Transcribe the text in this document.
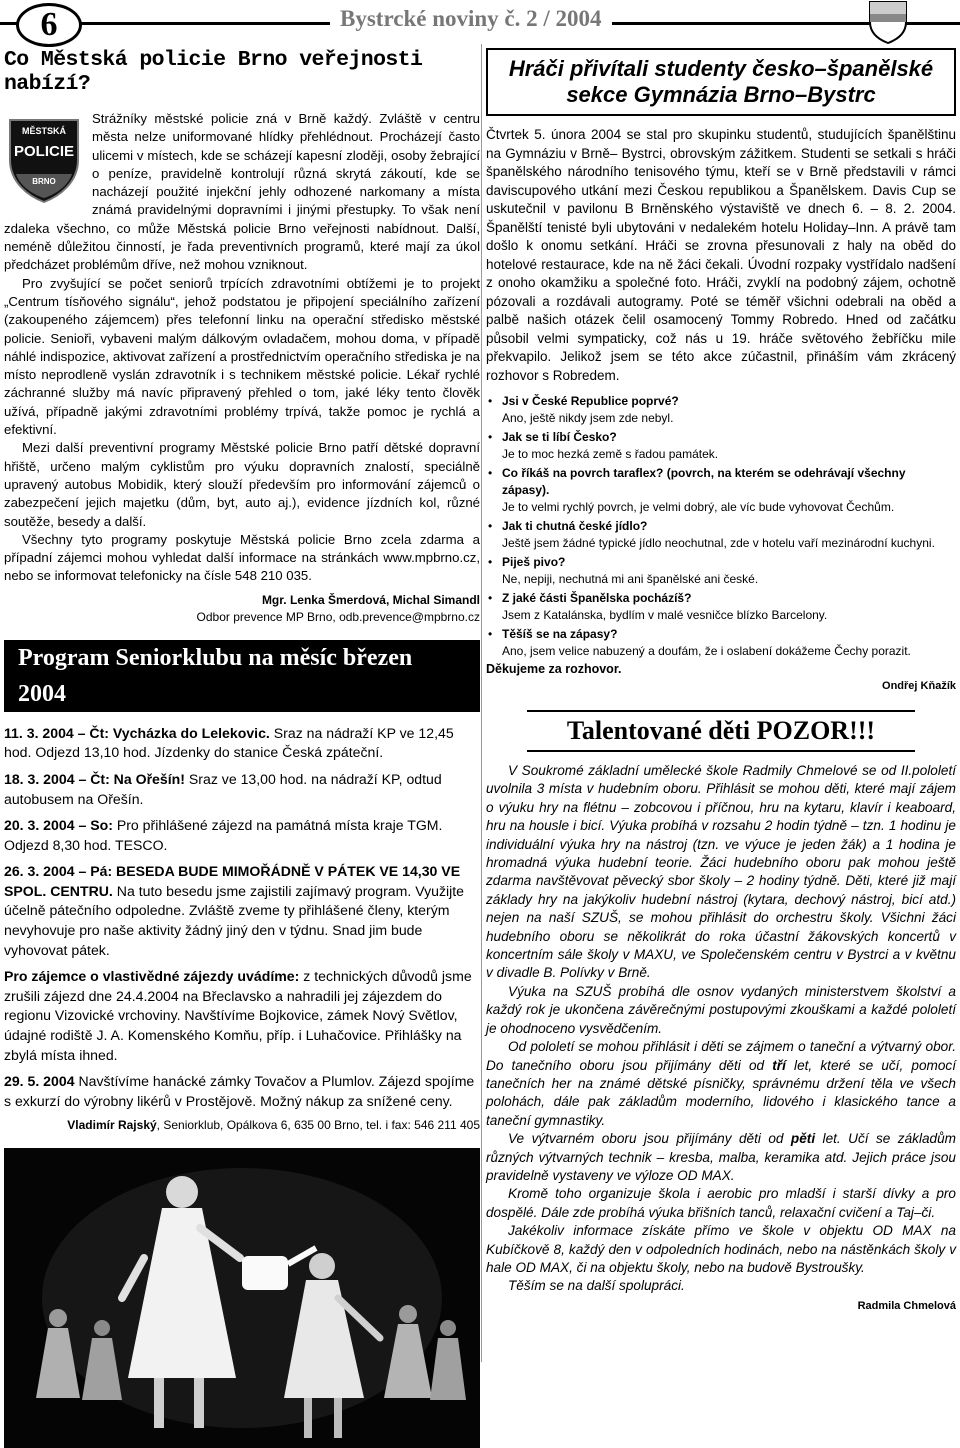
6	Bystrcké noviny č. 2 / 2004
Co Městská policie Brno veřejnosti nabízí?
MĚSTSKÁ
POLICIE
BRNO

Strážníky městské policie zná v Brně každý. Zvláště v centru města nelze uniformované hlídky přehlédnout. Procházejí často ulicemi v místech, kde se scházejí kapesní zloději, osoby žebrající o peníze, pravidelně kontrolují různá skrytá zákoutí, kde se nacházejí použité injekční jehly odhozené narkomany a místa známá pravidelnými dopravními i jinými přestupky. To však není zdaleka všechno, co může Městská policie Brno veřejnosti nabídnout. Další, neméně důležitou činností, je řada preventivních programů, které mají za úkol předcházet problémům dříve, než mohou vzniknout.

Pro zvyšující se počet seniorů trpících zdravotními obtížemi je to projekt „Centrum tísňového signálu“, jehož podstatou je připojení speciálního zařízení (zakoupeného zájemcem) přes telefonní linku na operační středisko městské policie. Senioři, vybaveni malým dálkovým ovladačem, mohou doma, v případě náhlé indispozice, aktivovat zařízení a prostřednictvím operačního střediska je na místo neprodleně vyslán zdravotník i s technikem městské policie. Lékař rychlé záchranné služby má navíc připravený přehled o tom, jaké léky tento člověk užívá, případně jakými zdravotními problémy trpívá, takže pomoc je rychlá a efektivní.

Mezi další preventivní programy Městské policie Brno patří dětské dopravní hřiště, určeno malým cyklistům pro výuku dopravních znalostí, speciálně upravený autobus Mobidik, který slouží především pro informování zájemců o zabezpečení jejich majetku (dům, byt, auto aj.), evidence jízdních kol, různé soutěže, besedy a další.

Všechny tyto programy poskytuje Městská policie Brno zcela zdarma a případní zájemci mohou vyhledat další informace na stránkách www.mpbrno.cz, nebo se informovat telefonicky na čísle 548 210 035.

Mgr. Lenka Šmerdová, Michal Simandl
Odbor prevence MP Brno, odb.prevence@mpbrno.cz
Program Seniorklubu na měsíc březen 2004

11. 3. 2004 – Čt: Vycházka do Lelekovic. Sraz na nádraží KP ve 12,45 hod. Odjezd 13,10 hod. Jízdenky do stanice Česká zpáteční.

18. 3. 2004 – Čt: Na Ořešín! Sraz ve 13,00 hod. na nádraží KP, odtud autobusem na Ořešín.

20. 3. 2004 – So: Pro přihlášené zájezd na památná místa kraje TGM. Odjezd 8,30 hod. TESCO.

26. 3. 2004 – Pá: BESEDA BUDE MIMOŘÁDNĚ V PÁTEK VE 14,30 VE SPOL. CENTRU. Na tuto besedu jsme zajistili zajímavý program. Využijte účelně pátečního odpoledne. Zvláště zveme ty přihlášené členy, kterým nevyhovuje pro naše aktivity žádný jiný den v týdnu. Snad jim bude vyhovovat pátek.

Pro zájemce o vlastivědné zájezdy uvádíme: z technických důvodů jsme zrušili zájezd dne 24.4.2004 na Břeclavsko a nahradili jej zájezdem do regionu Vizovické vrchoviny. Navštívíme Bojkovice, zámek Nový Světlov, údajné rodiště J. A. Komenského Komňu, příp. i Luhačovice. Přihlášky na zbylá místa ihned.

29. 5. 2004 Navštívíme hanácké zámky Tovačov a Plumlov. Zájezd spojíme s exkurzí do výrobny likérů v Prostějově. Možný nákup za snížené ceny.

Vladimír Rajský, Seniorklub, Opálkova 6, 635 00 Brno, tel. i fax: 546 211 405
Hráči přivítali studenty česko–španělské sekce Gymnázia Brno–Bystrc

Čtvrtek 5. února 2004 se stal pro skupinku studentů, studujících španělštinu na Gymnáziu v Brně– Bystrci, obrovským zážitkem. Studenti se setkali s hráči španělského národního tenisového týmu, kteří se v Brně představili v rámci daviscupového utkání mezi Českou republikou a Španělskem. Davis Cup se uskutečnil v pavilonu B Brněnského výstaviště ve dnech 6. – 8. 2. 2004. Španělští tenisté byli ubytováni v nedalekém hotelu Holiday–Inn. A právě tam došlo k onomu setkání. Hráči se zrovna přesunovali z haly na oběd do hotelové restaurace, kde na ně žáci čekali. Úvodní rozpaky vystřídalo nadšení z onoho okamžiku a společné foto. Hráči, zvyklí na podobný zájem, ochotně pózovali a rozdávali autogramy. Poté se téměř všichni odebrali na oběd a palbě našich otázek čelil osamocený Tommy Robredo. Hned od začátku působil velmi sympaticky, což nás u 19. hráče světového žebříčku mile překvapilo. Jelikož jsem se této akce zúčastnil, přináším vám zkrácený rozhovor s Robredem.

• Jsi v České Republice poprvé?
Ano, ještě nikdy jsem zde nebyl.
• Jak se ti líbí Česko?
Je to moc hezká země s řadou památek.
• Co říkáš na povrch taraflex? (povrch, na kterém se odehrávají všechny zápasy).
Je to velmi rychlý povrch, je velmi dobrý, ale víc bude vyhovovat Čechům.
• Jak ti chutná české jídlo?
Ještě jsem žádné typické jídlo neochutnal, zde v hotelu vaří mezinárodní kuchyni.
• Piješ pivo?
Ne, nepiji, nechutná mi ani španělské ani české.
• Z jaké části Španělska pocházíš?
Jsem z Katalánska, bydlím v malé vesničce blízko Barcelony.
• Těšíš se na zápasy?
Ano, jsem velice nabuzený a doufám, že i oslabení dokážeme Čechy porazit.
Děkujeme za rozhovor.
Ondřej Kňažík
Talentované děti POZOR!!!

V Soukromé základní umělecké škole Radmily Chmelové se od II.pololetí uvolnila 3 místa v hudebním oboru. Přihlásit se mohou děti, které mají zájem o výuku hry na flétnu – zobcovou i příčnou, hru na kytaru, klavír i keaboard, hru na housle i bicí. Výuka probíhá v rozsahu 2 hodin týdně – tzn. 1 hodinu je individuální výuka hry na nástroj (tzn. ve výuce je jeden žák) a 1 hodina je hromadná výuka hudební teorie. Žáci hudebního oboru pak mohou ještě zdarma navštěvovat pěvecký sbor školy – 2 hodiny týdně. Děti, které již mají základy hry na jakýkoliv hudební nástroj (kytara, dechový nástroj, bicí atd.) nejen na naší SZUŠ, se mohou přihlásit do orchestru školy. Všichni žáci hudebního oboru se několikrát do roka účastní žákovských koncertů v koncertním sále školy v MAXU, ve Společenském centru v Bystrci a v květnu v divadle B. Polívky v Brně.

Výuka na SZUŠ probíhá dle osnov vydaných ministerstvem školství a každý rok je ukončena závěrečnými postupovými zkouškami a každé pololetí je ohodnoceno vysvědčením.

Od pololetí se mohou přihlásit i děti se zájmem o taneční a výtvarný obor. Do tanečního oboru jsou přijímány děti od tří let, které se učí, pomocí tanečních her na známé dětské písničky, správnému držení těla ve všech polohách, dále pak základům moderního, lidového i klasického tance a taneční gymnastiky.

Ve výtvarném oboru jsou přijímány děti od pěti let. Učí se základům různých výtvarných technik – kresba, malba, keramika atd. Jejich práce jsou pravidelně vystaveny ve výloze OD MAX.

Kromě toho organizuje škola i aerobic pro mladší i starší dívky a pro dospělé. Dále zde probíhá výuka břišních tanců, relaxační cvičení a Taj–či.

Jakékoliv informace získáte přímo ve škole v objektu OD MAX na Kubíčkově 8, každý den v odpoledních hodinách, nebo na nástěnkách školy v hale OD MAX, či na objektu školy, nebo na budově Bystroušky.

Těším se na další spolupráci.

Radmila Chmelová
